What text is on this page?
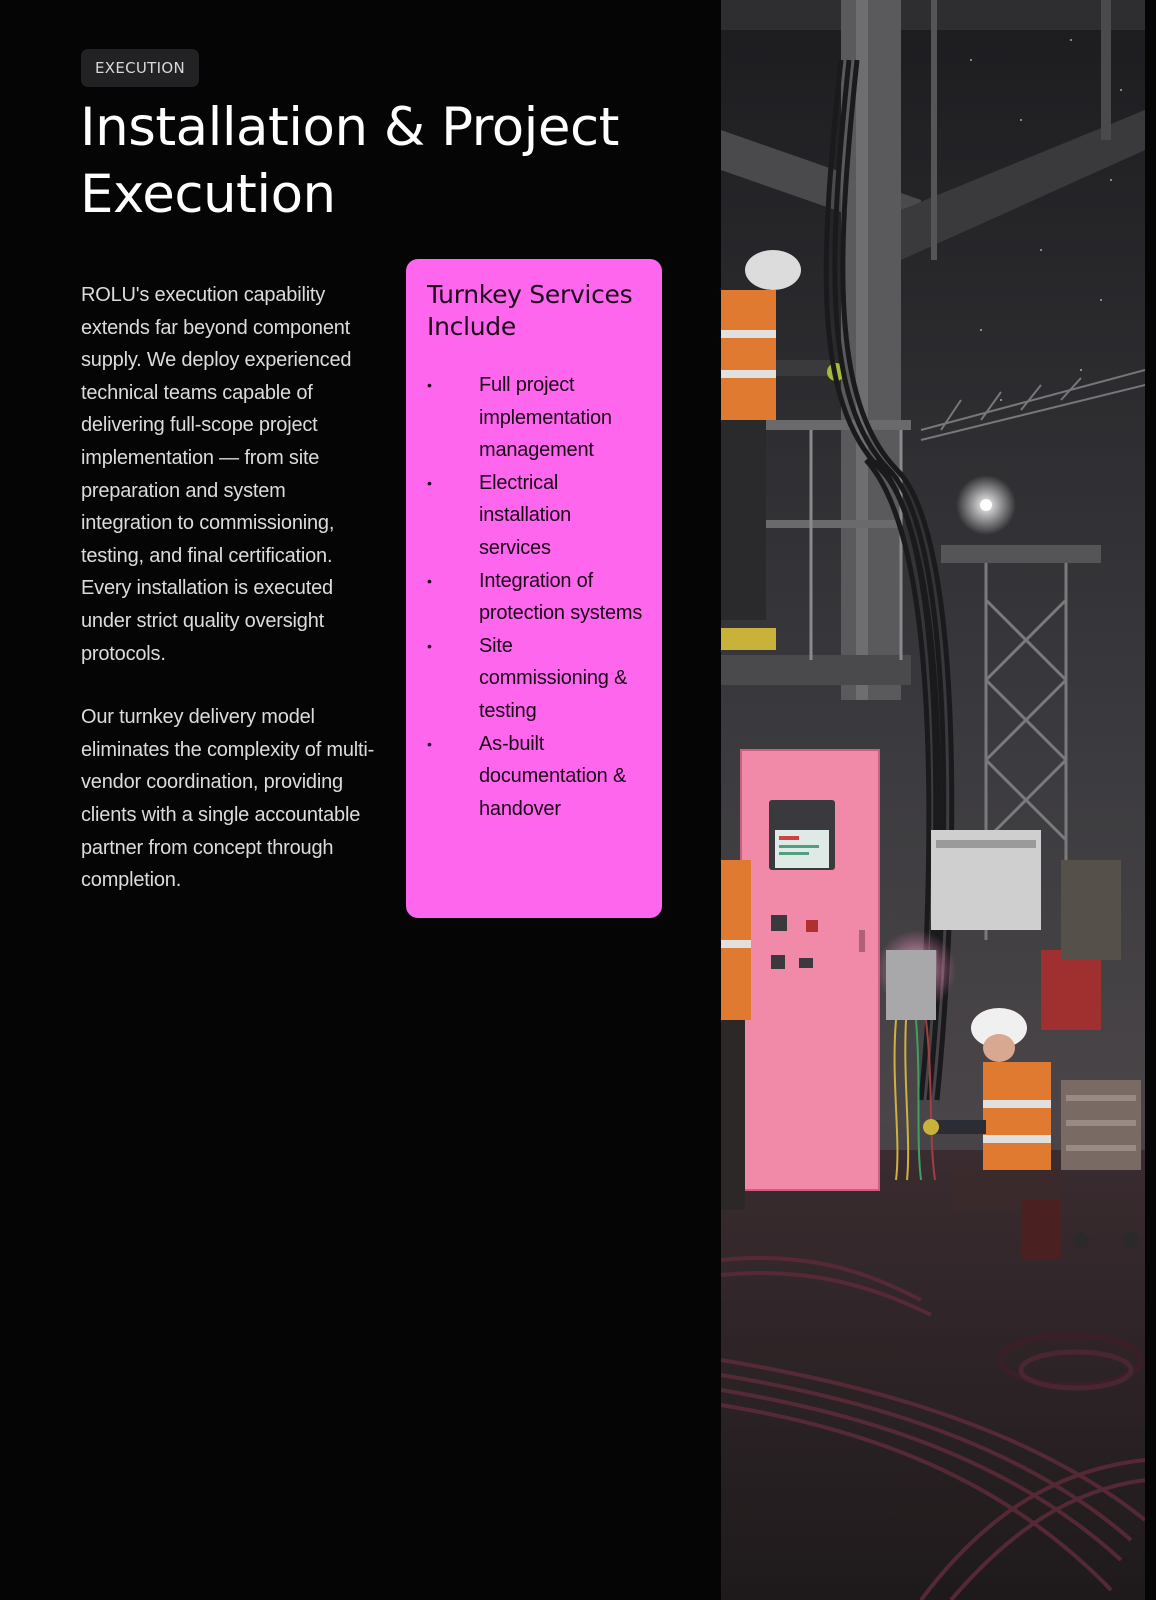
EXECUTION
Installation & Project Execution

ROLU's execution capability extends far beyond component supply. We deploy experienced technical teams capable of delivering full-scope project implementation — from site preparation and system integration to commissioning, testing, and final certification. Every installation is executed under strict quality oversight protocols.

Our turnkey delivery model eliminates the complexity of multi-vendor coordination, providing clients with a single accountable partner from concept through completion.

Turnkey Services Include
• Full project implementation management
• Electrical installation services
• Integration of protection systems
• Site commissioning & testing
• As-built documentation & handover
